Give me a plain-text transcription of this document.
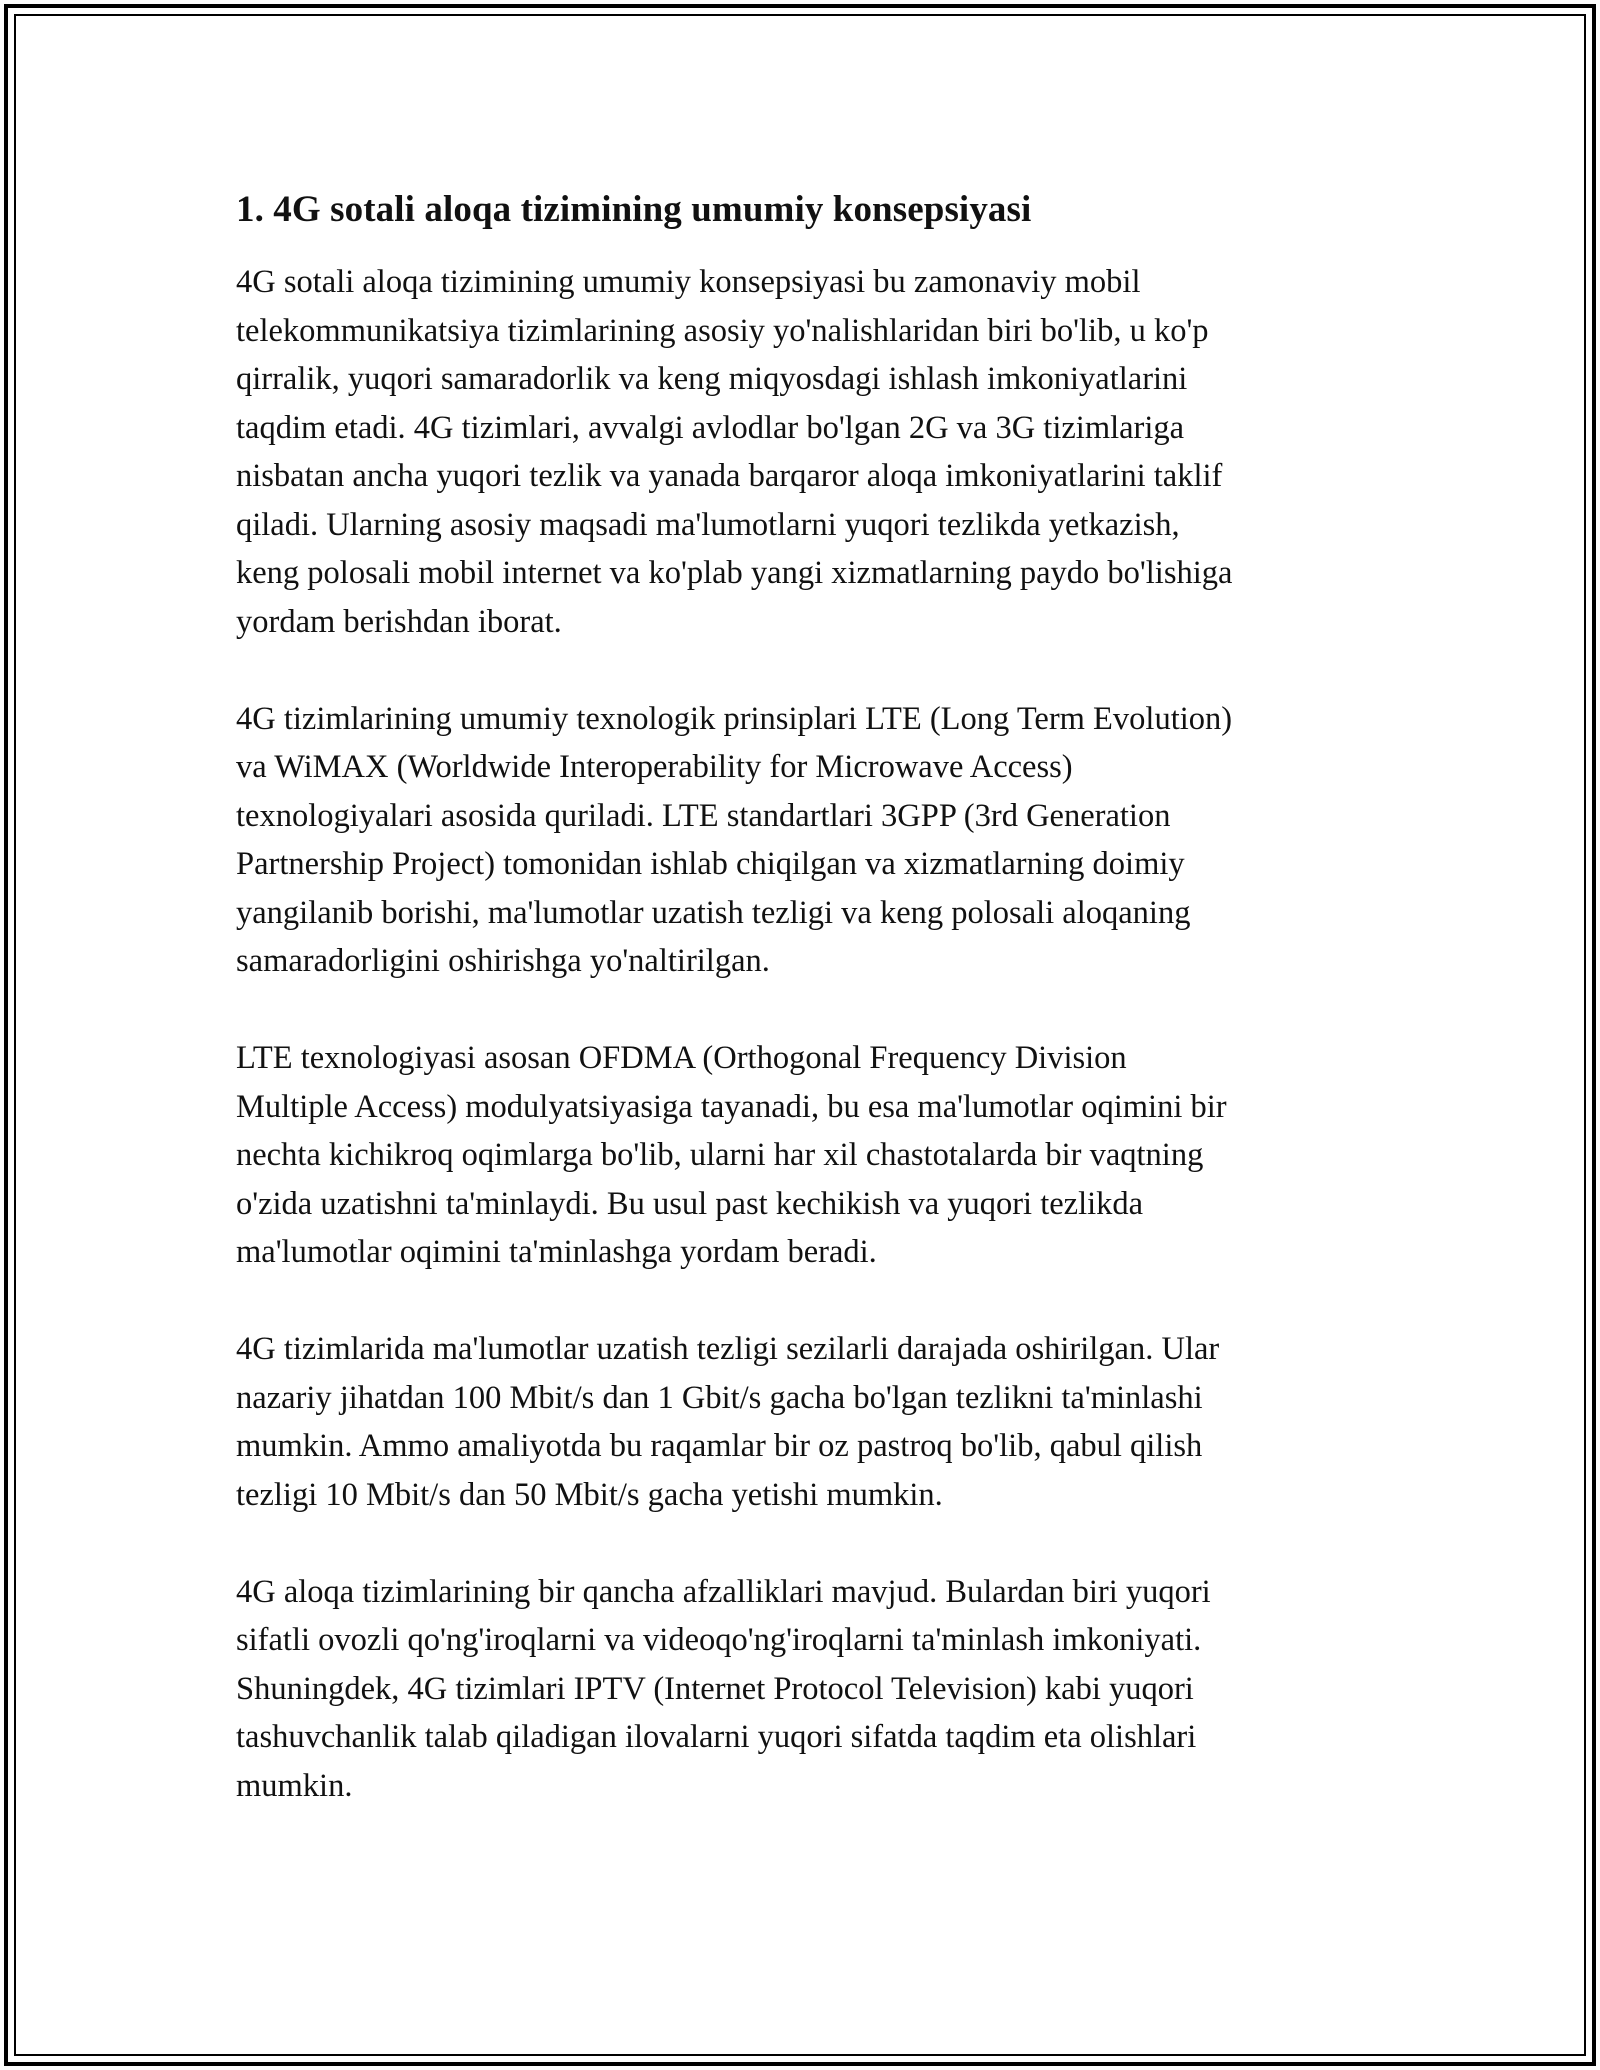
1. 4G sotali aloqa tizimining umumiy konsepsiyasi

4G sotali aloqa tizimining umumiy konsepsiyasi bu zamonaviy mobil
telekommunikatsiya tizimlarining asosiy yo'nalishlaridan biri bo'lib, u ko'p
qirralik, yuqori samaradorlik va keng miqyosdagi ishlash imkoniyatlarini
taqdim etadi. 4G tizimlari, avvalgi avlodlar bo'lgan 2G va 3G tizimlariga
nisbatan ancha yuqori tezlik va yanada barqaror aloqa imkoniyatlarini taklif
qiladi. Ularning asosiy maqsadi ma'lumotlarni yuqori tezlikda yetkazish,
keng polosali mobil internet va ko'plab yangi xizmatlarning paydo bo'lishiga
yordam berishdan iborat.

4G tizimlarining umumiy texnologik prinsiplari LTE (Long Term Evolution)
va WiMAX (Worldwide Interoperability for Microwave Access)
texnologiyalari asosida quriladi. LTE standartlari 3GPP (3rd Generation
Partnership Project) tomonidan ishlab chiqilgan va xizmatlarning doimiy
yangilanib borishi, ma'lumotlar uzatish tezligi va keng polosali aloqaning
samaradorligini oshirishga yo'naltirilgan.

LTE texnologiyasi asosan OFDMA (Orthogonal Frequency Division
Multiple Access) modulyatsiyasiga tayanadi, bu esa ma'lumotlar oqimini bir
nechta kichikroq oqimlarga bo'lib, ularni har xil chastotalarda bir vaqtning
o'zida uzatishni ta'minlaydi. Bu usul past kechikish va yuqori tezlikda
ma'lumotlar oqimini ta'minlashga yordam beradi.

4G tizimlarida ma'lumotlar uzatish tezligi sezilarli darajada oshirilgan. Ular
nazariy jihatdan 100 Mbit/s dan 1 Gbit/s gacha bo'lgan tezlikni ta'minlashi
mumkin. Ammo amaliyotda bu raqamlar bir oz pastroq bo'lib, qabul qilish
tezligi 10 Mbit/s dan 50 Mbit/s gacha yetishi mumkin.

4G aloqa tizimlarining bir qancha afzalliklari mavjud. Bulardan biri yuqori
sifatli ovozli qo'ng'iroqlarni va videoqo'ng'iroqlarni ta'minlash imkoniyati.
Shuningdek, 4G tizimlari IPTV (Internet Protocol Television) kabi yuqori
tashuvchanlik talab qiladigan ilovalarni yuqori sifatda taqdim eta olishlari
mumkin.
